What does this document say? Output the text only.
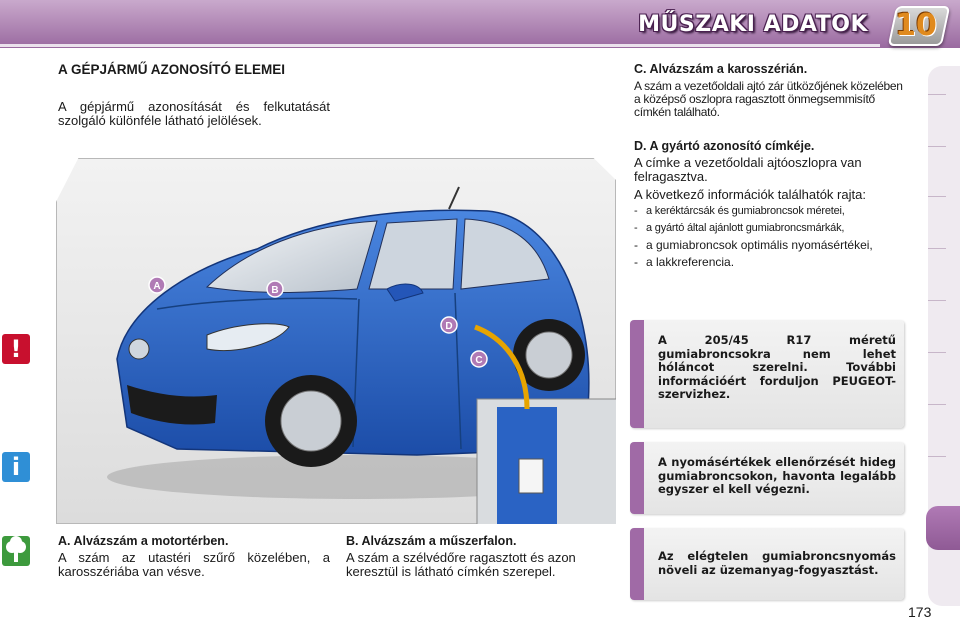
MŰSZAKI ADATOK 10
A GÉPJÁRMŰ AZONOSÍTÓ ELEMEI
A gépjármű azonosítását és felkutatását szolgáló különféle látható jelölések.
A	B
D
C
A. Alvázszám a motortérben.
A szám az utastéri szűrő közelében, a karosszériába van vésve.
B. Alvázszám a műszerfalon.
A szám a szélvédőre ragasztott és azon keresztül is látható címkén szerepel.
C. Alvázszám a karosszérián.
A szám a vezetőoldali ajtó zár ütközőjének közelében a középső oszlopra ragasztott önmegsemmisítő címkén található.
D. A gyártó azonosító címkéje.
A címke a vezetőoldali ajtóoszlopra van felragasztva.
A következő információk találhatók rajta:
- a keréktárcsák és gumiabroncsok méretei,
- a gyártó által ajánlott gumiabroncsmárkák,
- a gumiabroncsok optimális nyomásértékei,
- a lakkreferencia.
A 205/45 R17 méretű gumiabroncsokra nem lehet hóláncot szerelni. További információért forduljon PEUGEOT-szervizhez.
!
A nyomásértékek ellenőrzését hideg gumiabroncsokon, havonta legalább egyszer el kell végezni.
i
Az elégtelen gumiabroncsnyomás növeli az üzemanyag-fogyasztást.
173
